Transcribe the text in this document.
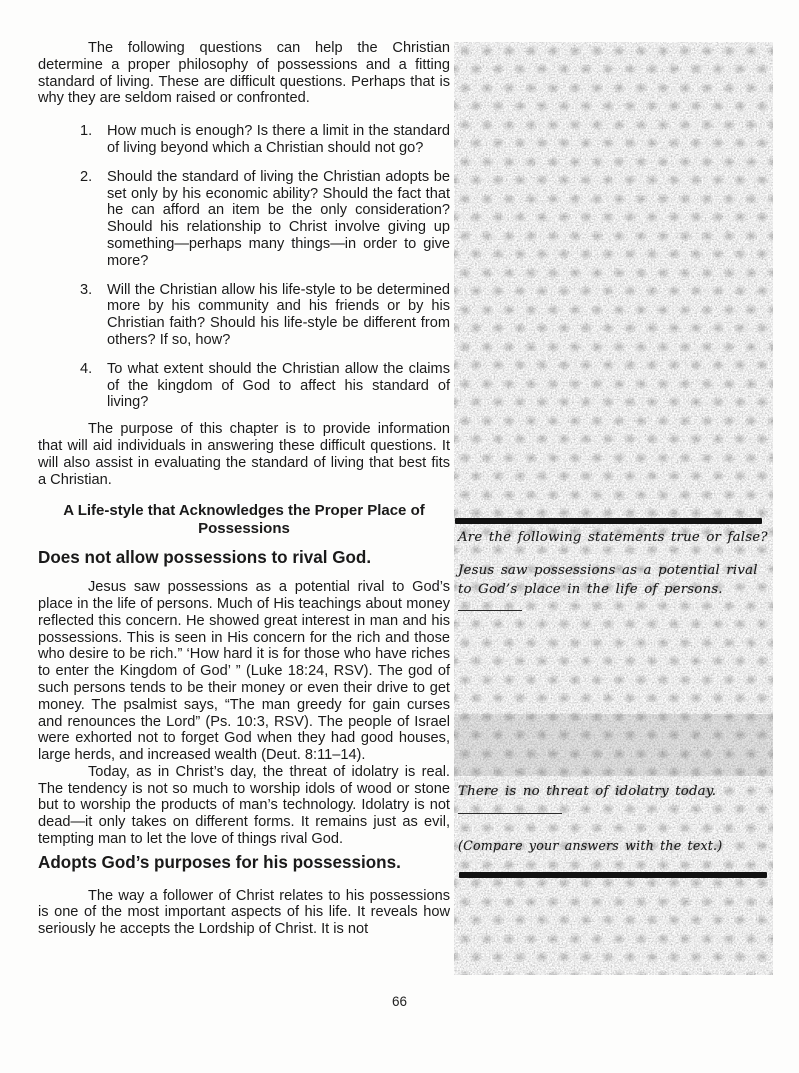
The following questions can help the Christian determine a proper philosophy of possessions and a fitting standard of living. These are difficult questions. Perhaps that is why they are seldom raised or confronted.

1.	How much is enough? Is there a limit in the standard of living beyond which a Christian should not go?
2.	Should the standard of living the Christian adopts be set only by his economic ability? Should the fact that he can afford an item be the only consideration? Should his relationship to Christ involve giving up something—perhaps many things—in order to give more?
3.	Will the Christian allow his life-style to be determined more by his community and his friends or by his Christian faith? Should his life-style be different from others? If so, how?
4.	To what extent should the Christian allow the claims of the kingdom of God to affect his standard of living?

The purpose of this chapter is to provide information that will aid individuals in answering these difficult questions. It will also assist in evaluating the standard of living that best fits a Christian.

A Life-style that Acknowledges the Proper Place of Possessions
Does not allow possessions to rival God.

Jesus saw possessions as a potential rival to God’s place in the life of persons. Much of His teachings about money reflected this concern. He showed great interest in man and his possessions. This is seen in His concern for the rich and those who desire to be rich.” ‘How hard it is for those who have riches to enter the Kingdom of God’ ” (Luke 18:24, RSV). The god of such persons tends to be their money or even their drive to get money. The psalmist says, “The man greedy for gain curses and renounces the Lord” (Ps. 10:3, RSV). The people of Israel were exhorted not to forget God when they had good houses, large herds, and increased wealth (Deut. 8:11–14).

Today, as in Christ’s day, the threat of idolatry is real. The tendency is not so much to worship idols of wood or stone but to worship the products of man’s technology. Idolatry is not dead—it only takes on different forms. It remains just as evil, tempting man to let the love of things rival God.

Adopts God’s purposes for his possessions.

The way a follower of Christ relates to his possessions is one of the most important aspects of his life. It reveals how seriously he accepts the Lordship of Christ. It is not

Are the following statements true or false?

Jesus saw possessions as a potential rival to God’s place in the life of persons.

There is no threat of idolatry today.

(Compare your answers with the text.)

66
